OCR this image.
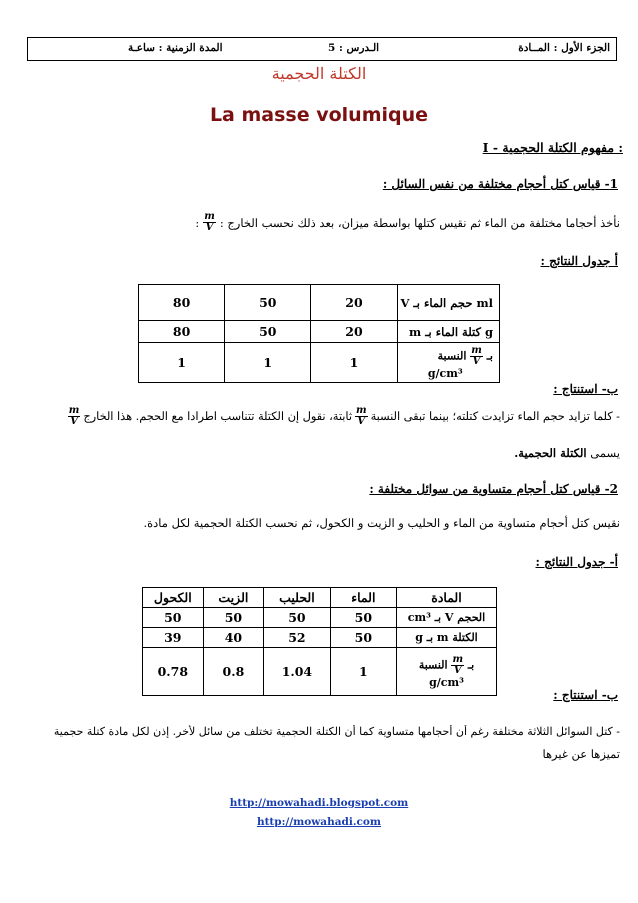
الجزء الأول : المــادة
الـدرس : 5
المدة الزمنية : ساعـة
الكتلة الحجمية
La masse volumique
I - مفهوم الكتلة الحجمية :
1- قياس كتل أحجام مختلفة من نفس السائل :
نأخذ أحجاما مختلفة من الماء ثم نقيس كتلها بواسطة ميزان، بعد ذلك نحسب الخارج :
$\frac{m}{V}$
:
أ جدول النتائج :
80	50	20	V حجم الماء بـ ml
80	50	20	m كتلة الماء بـ g
1	1	1	النسبة $\frac{m}{V}$ بـ

g/cm³
ب- استنتاج :
- كلما تزايد حجم الماء تزايدت كتلته؛ بينما تبقى النسبة
$\frac{m}{V}$
ثابتة، نقول إن الكتلة تتناسب اطرادا مع الحجم. هذا الخارج
$\frac{m}{V}$
يسمى الكتلة الحجمية.
2- قياس كتل أحجام متساوية من سوائل مختلفة :
نقيس كتل أحجام متساوية من الماء و الحليب و الزيت و الكحول، ثم نحسب الكتلة الحجمية لكل مادة.
أ- جدول النتائج :
الكحول	الزيت	الحليب	الماء	المادة
50	50	50	50	الحجم V بـ cm³
39	40	52	50	الكتلة m بـ g
0.78	0.8	1.04	1	النسبة $\frac{m}{V}$ بـ

g/cm³
ب- استنتاج :
- كتل السوائل الثلاثة مختلفة رغم أن أحجامها متساوية كما أن الكتلة الحجمية تختلف من سائل لأخر. إذن لكل مادة كتلة حجمية
تميزها عن غيرها
http://mowahadi.blogspot.com
http://mowahadi.com
